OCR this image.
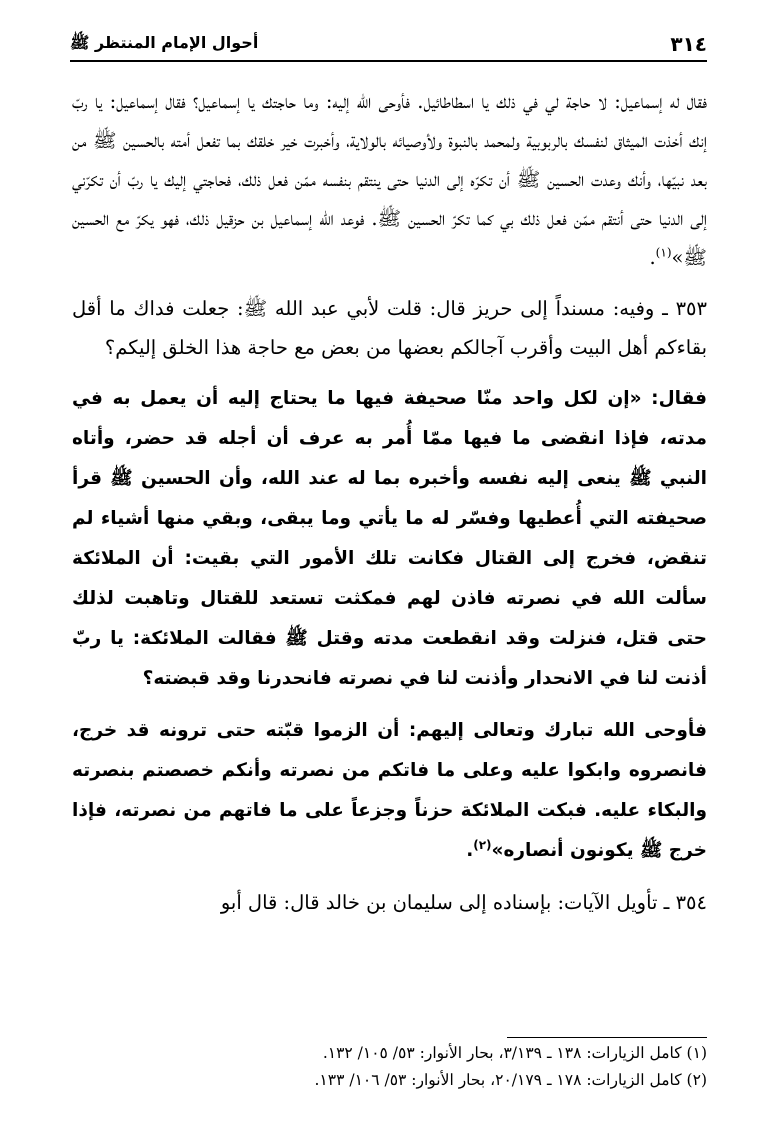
٣١٤
أحوال الإمام المنتظر ﷺ

فقال له إسماعيل: لا حاجة لي في ذلك يا اسطاطائيل. فأوحى الله إليه: وما حاجتك يا إسماعيل؟ فقال إسماعيل: يا ربّ إنك أخذت الميثاق لنفسك بالربوبية ولمحمد بالنبوة ولأوصيائه بالولاية، وأخبرت خير خلقك بما تفعل أمته بالحسين ﷺ من بعد نبيّها، وأنك وعدت الحسين ﷺ أن تكرّه إلى الدنيا حتى ينتقم بنفسه ممّن فعل ذلك، فحاجتي إليك يا ربّ أن تكرّني إلى الدنيا حتى أنتقم ممّن فعل ذلك بي كما تكرّ الحسين ﷺ. فوعد الله إسماعيل بن حزقيل ذلك، فهو يكرّ مع الحسين ﷺ»$^{(١)}$.

٣٥٣ ـ وفيه: مسنداً إلى حريز قال: قلت لأبي عبد الله ﷺ: جعلت فداك ما أقل بقاءكم أهل البيت وأقرب آجالكم بعضها من بعض مع حاجة هذا الخلق إليكم؟

فقال: «إن لكل واحد منّا صحيفة فيها ما يحتاج إليه أن يعمل به في مدته، فإذا انقضى ما فيها ممّا أُمر به عرف أن أجله قد حضر، وأتاه النبي ﷺ ينعى إليه نفسه وأخبره بما له عند الله، وأن الحسين ﷺ قرأ صحيفته التي أُعطيها وفسّر له ما يأتي وما يبقى، وبقي منها أشياء لم تنقض، فخرج إلى القتال فكانت تلك الأمور التي بقيت: أن الملائكة سألت الله في نصرته فاذن لهم فمكثت تستعد للقتال وتاهبت لذلك حتى قتل، فنزلت وقد انقطعت مدته وقتل ﷺ فقالت الملائكة: يا ربّ أذنت لنا في الانحدار وأذنت لنا في نصرته فانحدرنا وقد قبضته؟

فأوحى الله تبارك وتعالى إليهم: أن الزموا قبّته حتى ترونه قد خرج، فانصروه وابكوا عليه وعلى ما فاتكم من نصرته وأنكم خصصتم بنصرته والبكاء عليه. فبكت الملائكة حزناً وجزعاً على ما فاتهم من نصرته، فإذا خرج ﷺ يكونون أنصاره»$^{(٢)}$.

٣٥٤ ـ تأويل الآيات: بإسناده إلى سليمان بن خالد قال: قال أبو

(١) كامل الزيارات: ١٣٨ ـ ٣/١٣٩، بحار الأنوار: ٥٣/ ١٠٥/ ١٣٢.

(٢) كامل الزيارات: ١٧٨ ـ ٢٠/١٧٩، بحار الأنوار: ٥٣/ ١٠٦/ ١٣٣.
